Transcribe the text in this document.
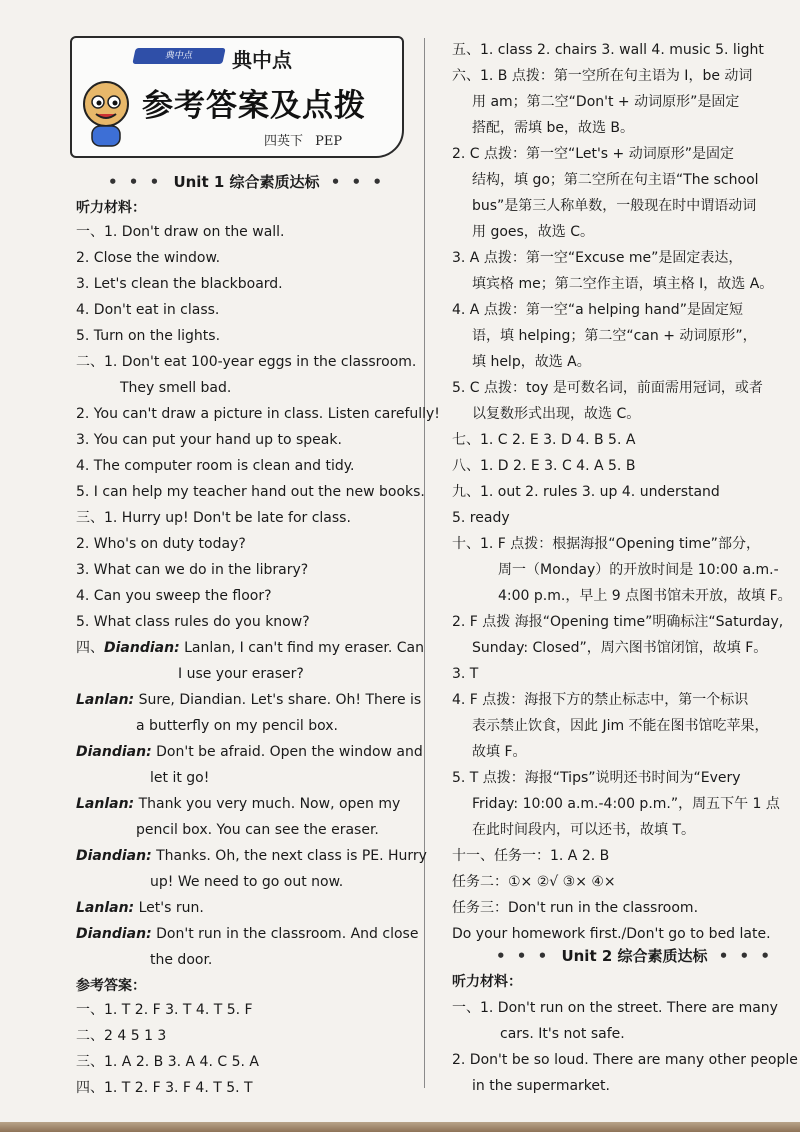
典中点	典中点
参考答案及点拨
四英下 PEP
• • • Unit 1 综合素质达标 • • •
听力材料：
一、1. Don't draw on the wall.
2. Close the window.
3. Let's clean the blackboard.
4. Don't eat in class.
5. Turn on the lights.
二、1. Don't eat 100-year eggs in the classroom.
They smell bad.
2. You can't draw a picture in class. Listen carefully!
3. You can put your hand up to speak.
4. The computer room is clean and tidy.
5. I can help my teacher hand out the new books.
三、1. Hurry up! Don't be late for class.
2. Who's on duty today?
3. What can we do in the library?
4. Can you sweep the floor?
5. What class rules do you know?
四、Diandian: Lanlan, I can't find my eraser. Can
I use your eraser?
Lanlan: Sure, Diandian. Let's share. Oh! There is
a butterfly on my pencil box.
Diandian: Don't be afraid. Open the window and
let it go!
Lanlan: Thank you very much. Now, open my
pencil box. You can see the eraser.
Diandian: Thanks. Oh, the next class is PE. Hurry
up! We need to go out now.
Lanlan: Let's run.
Diandian: Don't run in the classroom. And close
the door.
参考答案：
一、1. T 2. F 3. T 4. T 5. F
二、2 4 5 1 3
三、1. A 2. B 3. A 4. C 5. A
四、1. T 2. F 3. F 4. T 5. T
五、1. class 2. chairs 3. wall 4. music 5. light
六、1. B 点拨：第一空所在句主语为 I，be 动词
用 am；第二空“Don't + 动词原形”是固定
搭配，需填 be，故选 B。
2. C 点拨：第一空“Let's + 动词原形”是固定
结构，填 go；第二空所在句主语“The school
bus”是第三人称单数，一般现在时中谓语动词
用 goes，故选 C。
3. A 点拨：第一空“Excuse me”是固定表达，
填宾格 me；第二空作主语，填主格 I，故选 A。
4. A 点拨：第一空“a helping hand”是固定短
语，填 helping；第二空“can + 动词原形”，
填 help，故选 A。
5. C 点拨：toy 是可数名词，前面需用冠词，或者
以复数形式出现，故选 C。
七、1. C 2. E 3. D 4. B 5. A
八、1. D 2. E 3. C 4. A 5. B
九、1. out 2. rules 3. up 4. understand
5. ready
十、1. F 点拨：根据海报“Opening time”部分，
周一（Monday）的开放时间是 10:00 a.m.-
4:00 p.m.，早上 9 点图书馆未开放，故填 F。
2. F 点拨 海报“Opening time”明确标注“Saturday,
Sunday: Closed”，周六图书馆闭馆，故填 F。
3. T
4. F 点拨：海报下方的禁止标志中，第一个标识
表示禁止饮食，因此 Jim 不能在图书馆吃苹果，
故填 F。
5. T 点拨：海报“Tips”说明还书时间为“Every
Friday: 10:00 a.m.-4:00 p.m.”，周五下午 1 点
在此时间段内，可以还书，故填 T。
十一、任务一：1. A 2. B
任务二：①× ②√ ③× ④×
任务三：Don't run in the classroom.
Do your homework first./Don't go to bed late.
• • • Unit 2 综合素质达标 • • •
听力材料：
一、1. Don't run on the street. There are many
cars. It's not safe.
2. Don't be so loud. There are many other people
in the supermarket.
